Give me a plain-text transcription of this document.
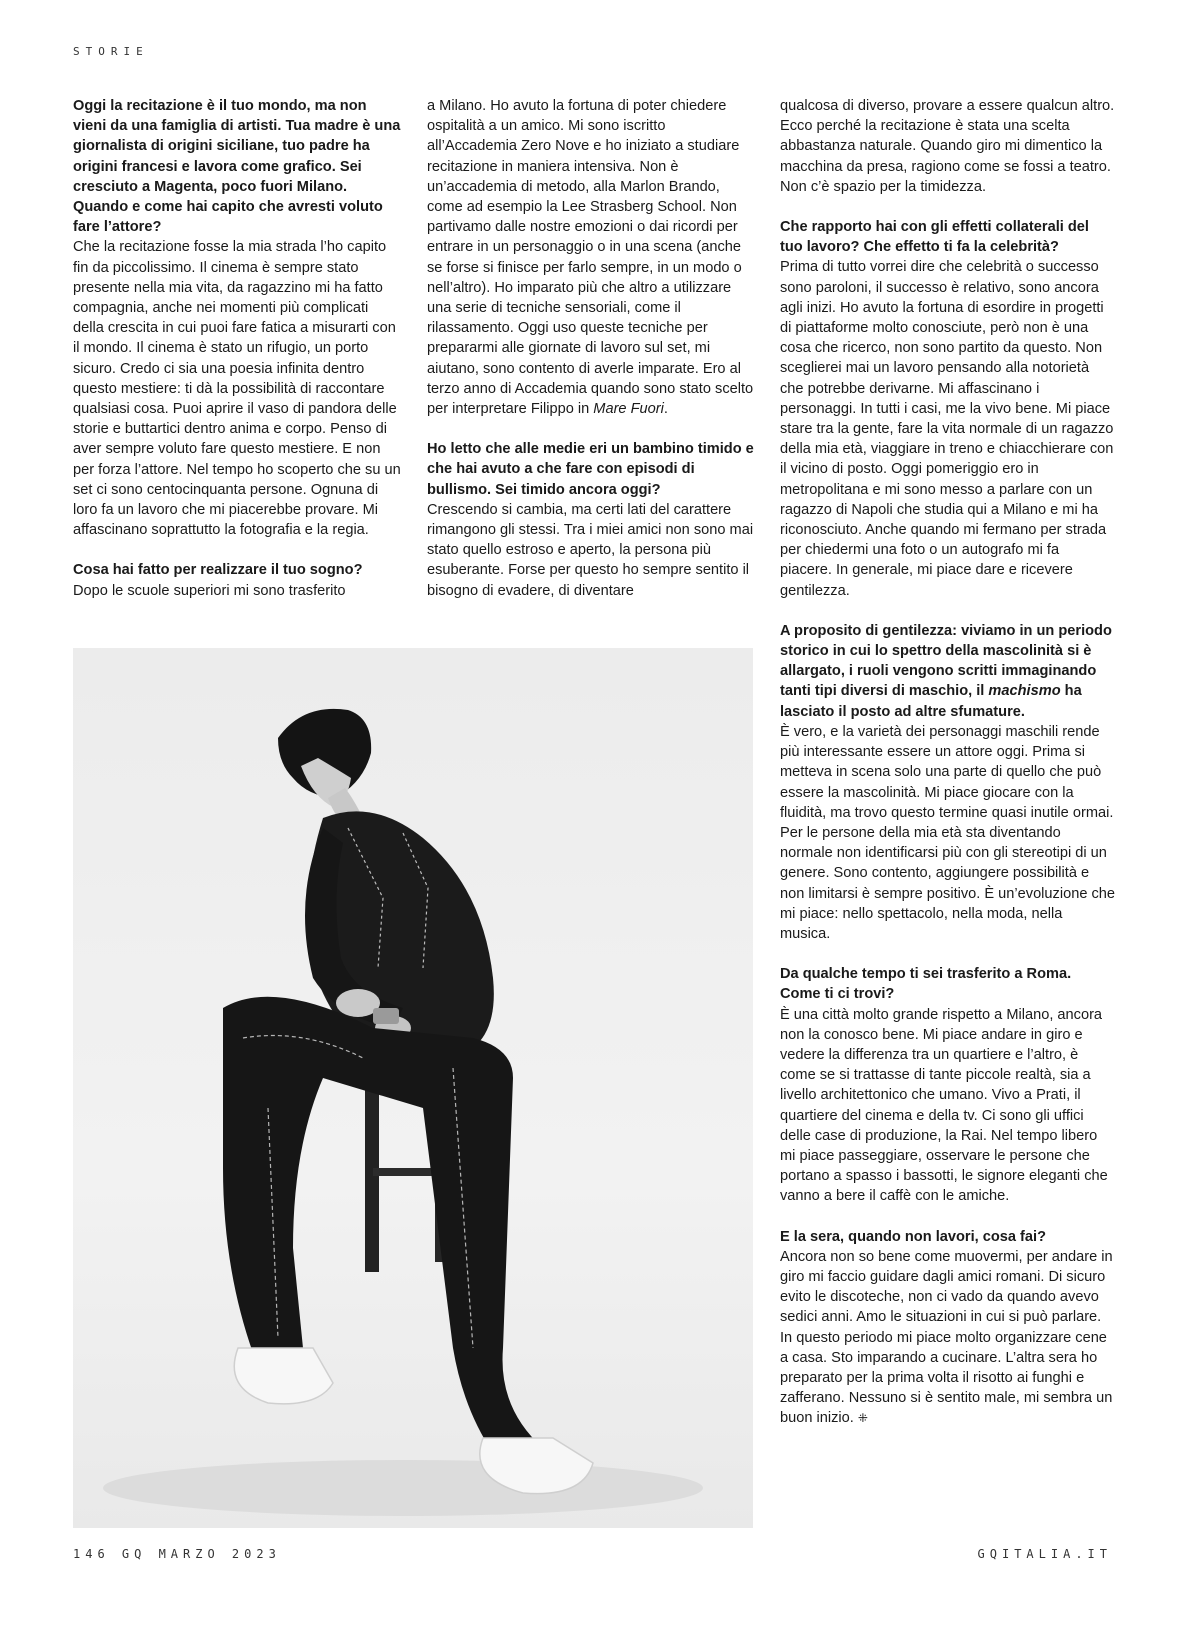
STORIE

Oggi la recitazione è il tuo mondo, ma non vieni da una famiglia di artisti. Tua madre è una giornalista di origini siciliane, tuo padre ha origini francesi e lavora come grafico. Sei cresciuto a Magenta, poco fuori Milano. Quando e come hai capito che avresti voluto fare l’attore?
Che la recitazione fosse la mia strada l’ho capito fin da piccolissimo. Il cinema è sempre stato presente nella mia vita, da ragazzino mi ha fatto compagnia, anche nei momenti più complicati della crescita in cui puoi fare fatica a misurarti con il mondo. Il cinema è stato un rifugio, un porto sicuro. Credo ci sia una poesia infinita dentro questo mestiere: ti dà la possibilità di raccontare qualsiasi cosa. Puoi aprire il vaso di pandora delle storie e buttartici dentro anima e corpo. Penso di aver sempre voluto fare questo mestiere. E non per forza l’attore. Nel tempo ho scoperto che su un set ci sono centocinquanta persone. Ognuna di loro fa un lavoro che mi piacerebbe provare. Mi affascinano soprattutto la fotografia e la regia.

Cosa hai fatto per realizzare il tuo sogno?
Dopo le scuole superiori mi sono trasferito

a Milano. Ho avuto la fortuna di poter chiedere ospitalità a un amico. Mi sono iscritto all’Accademia Zero Nove e ho iniziato a studiare recitazione in maniera intensiva. Non è un’accademia di metodo, alla Marlon Brando, come ad esempio la Lee Strasberg School. Non partivamo dalle nostre emozioni o dai ricordi per entrare in un personaggio o in una scena (anche se forse si finisce per farlo sempre, in un modo o nell’altro). Ho imparato più che altro a utilizzare una serie di tecniche sensoriali, come il rilassamento. Oggi uso queste tecniche per prepararmi alle giornate di lavoro sul set, mi aiutano, sono contento di averle imparate. Ero al terzo anno di Accademia quando sono stato scelto per interpretare Filippo in Mare Fuori.

Ho letto che alle medie eri un bambino timido e che hai avuto a che fare con episodi di bullismo. Sei timido ancora oggi?
Crescendo si cambia, ma certi lati del carattere rimangono gli stessi. Tra i miei amici non sono mai stato quello estroso e aperto, la persona più esuberante. Forse per questo ho sempre sentito il bisogno di evadere, di diventare

qualcosa di diverso, provare a essere qualcun altro. Ecco perché la recitazione è stata una scelta abbastanza naturale. Quando giro mi dimentico la macchina da presa, ragiono come se fossi a teatro. Non c’è spazio per la timidezza.

Che rapporto hai con gli effetti collaterali del tuo lavoro? Che effetto ti fa la celebrità?
Prima di tutto vorrei dire che celebrità o successo sono paroloni, il successo è relativo, sono ancora agli inizi. Ho avuto la fortuna di esordire in progetti di piattaforme molto conosciute, però non è una cosa che ricerco, non sono partito da questo. Non sceglierei mai un lavoro pensando alla notorietà che potrebbe derivarne. Mi affascinano i personaggi. In tutti i casi, me la vivo bene. Mi piace stare tra la gente, fare la vita normale di un ragazzo della mia età, viaggiare in treno e chiacchierare con il vicino di posto. Oggi pomeriggio ero in metropolitana e mi sono messo a parlare con un ragazzo di Napoli che studia qui a Milano e mi ha riconosciuto. Anche quando mi fermano per strada per chiedermi una foto o un autografo mi fa piacere. In generale, mi piace dare e ricevere gentilezza.

A proposito di gentilezza: viviamo in un periodo storico in cui lo spettro della mascolinità si è allargato, i ruoli vengono scritti immaginando tanti tipi diversi di maschio, il machismo ha lasciato il posto ad altre sfumature.
È vero, e la varietà dei personaggi maschili rende più interessante essere un attore oggi. Prima si metteva in scena solo una parte di quello che può essere la mascolinità. Mi piace giocare con la fluidità, ma trovo questo termine quasi inutile ormai. Per le persone della mia età sta diventando normale non identificarsi più con gli stereotipi di un genere. Sono contento, aggiungere possibilità e non limitarsi è sempre positivo. È un’evoluzione che mi piace: nello spettacolo, nella moda, nella musica.

Da qualche tempo ti sei trasferito a Roma. Come ti ci trovi?
È una città molto grande rispetto a Milano, ancora non la conosco bene. Mi piace andare in giro e vedere la differenza tra un quartiere e l’altro, è come se si trattasse di tante piccole realtà, sia a livello architettonico che umano. Vivo a Prati, il quartiere del cinema e della tv. Ci sono gli uffici delle case di produzione, la Rai. Nel tempo libero mi piace passeggiare, osservare le persone che portano a spasso i bassotti, le signore eleganti che vanno a bere il caffè con le amiche.

E la sera, quando non lavori, cosa fai?
Ancora non so bene come muovermi, per andare in giro mi faccio guidare dagli amici romani. Di sicuro evito le discoteche, non ci vado da quando avevo sedici anni. Amo le situazioni in cui si può parlare. In questo periodo mi piace molto organizzare cene a casa. Sto imparando a cucinare. L’altra sera ho preparato per la prima volta il risotto ai funghi e zafferano. Nessuno si è sentito male, mi sembra un buon inizio. ⁜

146 GQ MARZO 2023	GQITALIA.IT
